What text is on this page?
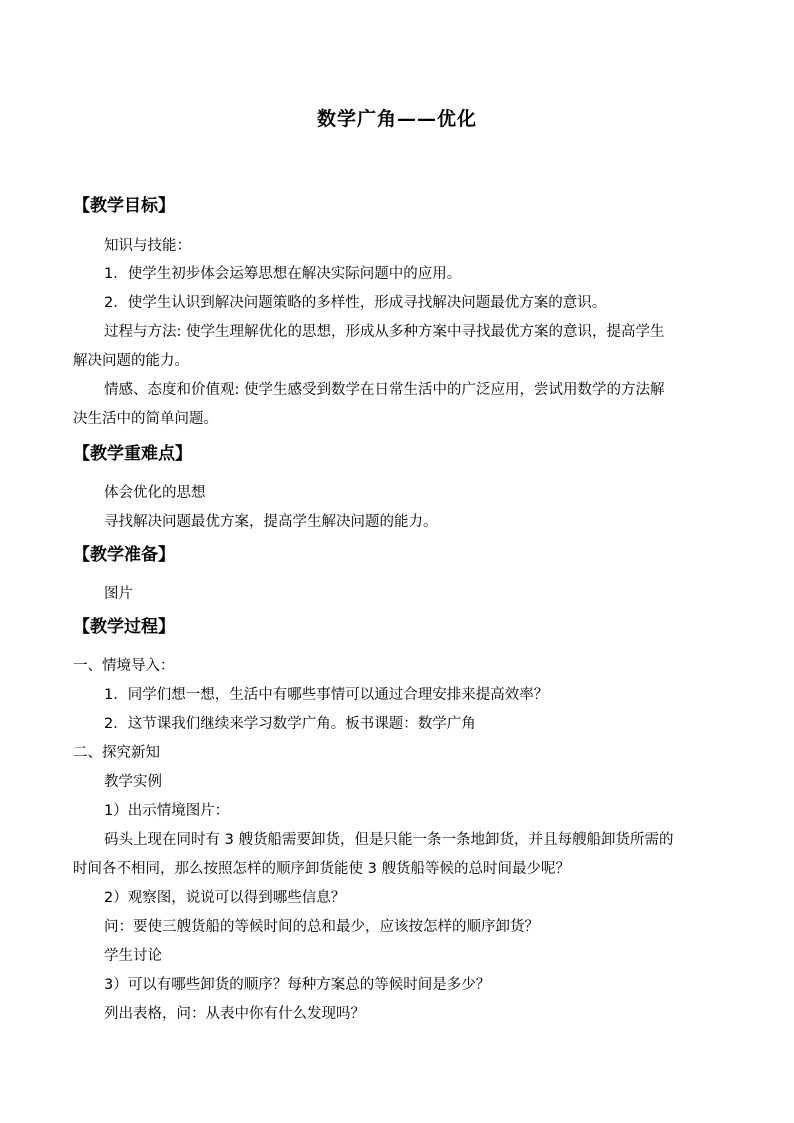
数学广角——优化
【教学目标】
知识与技能：
1．使学生初步体会运筹思想在解决实际问题中的应用。
2．使学生认识到解决问题策略的多样性，形成寻找解决问题最优方案的意识。
过程与方法: 使学生理解优化的思想，形成从多种方案中寻找最优方案的意识，提高学生
解决问题的能力。
情感、态度和价值观: 使学生感受到数学在日常生活中的广泛应用，尝试用数学的方法解
决生活中的简单问题。
【教学重难点】
体会优化的思想
寻找解决问题最优方案，提高学生解决问题的能力。
【教学准备】
图片
【教学过程】
一、情境导入：
1．同学们想一想，生活中有哪些事情可以通过合理安排来提高效率？
2．这节课我们继续来学习数学广角。板书课题：数学广角
二、探究新知
教学实例
1）出示情境图片：
码头上现在同时有 3 艘货船需要卸货，但是只能一条一条地卸货，并且每艘船卸货所需的
时间各不相同，那么按照怎样的顺序卸货能使 3 艘货船等候的总时间最少呢？
2）观察图，说说可以得到哪些信息？
问：要使三艘货船的等候时间的总和最少，应该按怎样的顺序卸货？
学生讨论
3）可以有哪些卸货的顺序？每种方案总的等候时间是多少？
列出表格，问：从表中你有什么发现吗？
